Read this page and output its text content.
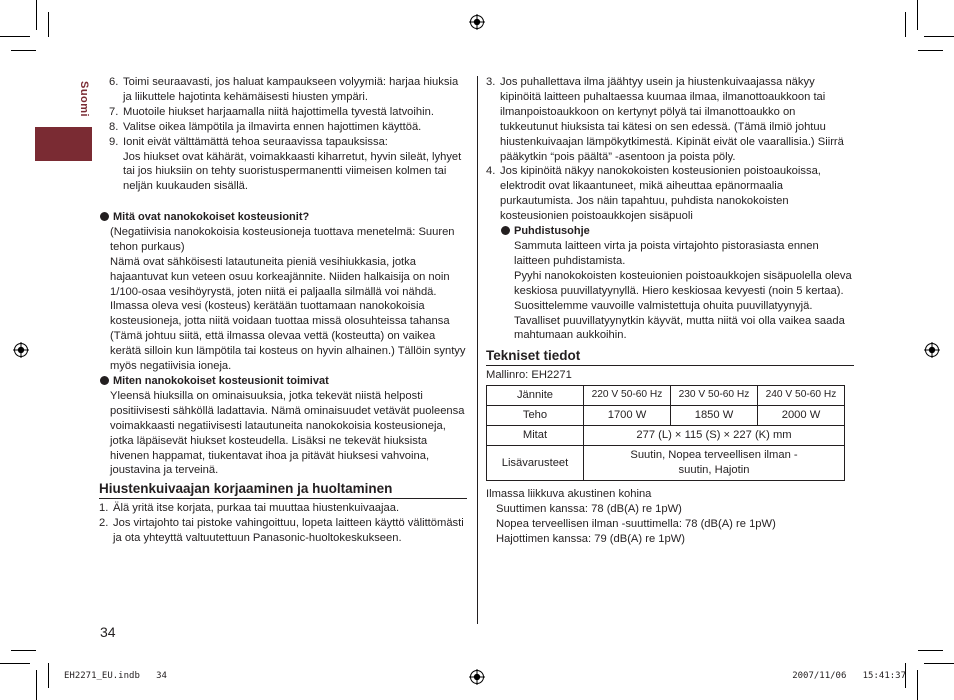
Suomi 6. Toimi seuraavasti, jos haluat kampaukseen volyymiä: harjaa hiuksia ja liikuttele hajotinta kehämäisesti hiusten ympäri.

7. Muotoile hiukset harjaamalla niitä hajottimella tyvestä latvoihin.

8. Valitse oikea lämpötila ja ilmavirta ennen hajottimen käyttöä.

9. Ionit eivät välttämättä tehoa seuraavissa tapauksissa:

Jos hiukset ovat kähärät, voimakkaasti kiharretut, hyvin sileät, lyhyet tai jos hiuksiin on tehty suoristuspermanentti viimeisen kolmen tai neljän kuukauden sisällä.

Mitä ovat nanokokoiset kosteusionit?

(Negatiivisia nanokokoisia kosteusioneja tuottava menetelmä: Suuren tehon purkaus)

Nämä ovat sähköisesti latautuneita pieniä vesihiukkasia, jotka hajaantuvat kun veteen osuu korkeajännite. Niiden halkaisija on noin 1/100-osaa vesihöyrystä, joten niitä ei paljaalla silmällä voi nähdä. Ilmassa oleva vesi (kosteus) kerätään tuottamaan nanokokoisia kosteusioneja, jotta niitä voidaan tuottaa missä olosuhteissa tahansa (Tämä johtuu siitä, että ilmassa olevaa vettä (kosteutta) on vaikea kerätä silloin kun lämpötila tai kosteus on hyvin alhainen.) Tällöin syntyy myös negatiivisia ioneja.

Miten nanokokoiset kosteusionit toimivat

Yleensä hiuksilla on ominaisuuksia, jotka tekevät niistä helposti positiivisesti sähköllä ladattavia. Nämä ominaisuudet vetävät puoleensa voimakkaasti negatiivisesti latautuneita nanokokoisia kosteusioneja, jotka läpäisevät hiukset kosteudella. Lisäksi ne tekevät hiuksista hivenen happamat, tiukentavat ihoa ja pitävät hiuksesi vahvoina, joustavina ja terveinä.

Hiustenkuivaajan korjaaminen ja huoltaminen

1. Älä yritä itse korjata, purkaa tai muuttaa hiustenkuivaajaa.

2. Jos virtajohto tai pistoke vahingoittuu, lopeta laitteen käyttö välittömästi ja ota yhteyttä valtuutettuun Panasonic-huoltokeskukseen.

3. Jos puhallettava ilma jäähtyy usein ja hiustenkuivaajassa näkyy kipinöitä laitteen puhaltaessa kuumaa ilmaa, ilmanottoaukkoon tai ilmanpoistoaukkoon on kertynyt pölyä tai ilmanottoaukko on tukkeutunut hiuksista tai kätesi on sen edessä. (Tämä ilmiö johtuu hiustenkuivaajan lämpökytkimestä. Kipinät eivät ole vaarallisia.) Siirrä pääkytkin “pois päältä” -asentoon ja poista pöly.

4. Jos kipinöitä näkyy nanokokoisten kosteusionien poistoaukoissa, elektrodit ovat likaantuneet, mikä aiheuttaa epänormaalia purkautumista. Jos näin tapahtuu, puhdista nanokokoisten kosteusionien poistoaukkojen sisäpuoli

Puhdistusohje

Sammuta laitteen virta ja poista virtajohto pistorasiasta ennen laitteen puhdistamista.

Pyyhi nanokokoisten kosteuionien poistoaukkojen sisäpuolella oleva keskiosa puuvillatyynyllä. Hiero keskiosaa kevyesti (noin 5 kertaa).

Suosittelemme vauvoille valmistettuja ohuita puuvillatyynyjä. Tavalliset puuvillatyynytkin käyvät, mutta niitä voi olla vaikea saada mahtumaan aukkoihin.

Tekniset tiedot

Mallinro: EH2271

Jännite	220 V 50-60 Hz	230 V 50-60 Hz	240 V 50-60 Hz
Teho	1700 W	1850 W	2000 W
Mitat	277 (L) × 115 (S) × 227 (K) mm		
Lisävarusteet	Suutin, Nopea terveellisen ilman -suutin, Hajotin		

Ilmassa liikkuva akustinen kohina

Suuttimen kanssa: 78 (dB(A) re 1pW)

Nopea terveellisen ilman -suuttimella: 78 (dB(A) re 1pW)

Hajottimen kanssa: 79 (dB(A) re 1pW)

34
EH2271_EU.indb   34	2007/11/06   15:41:37
